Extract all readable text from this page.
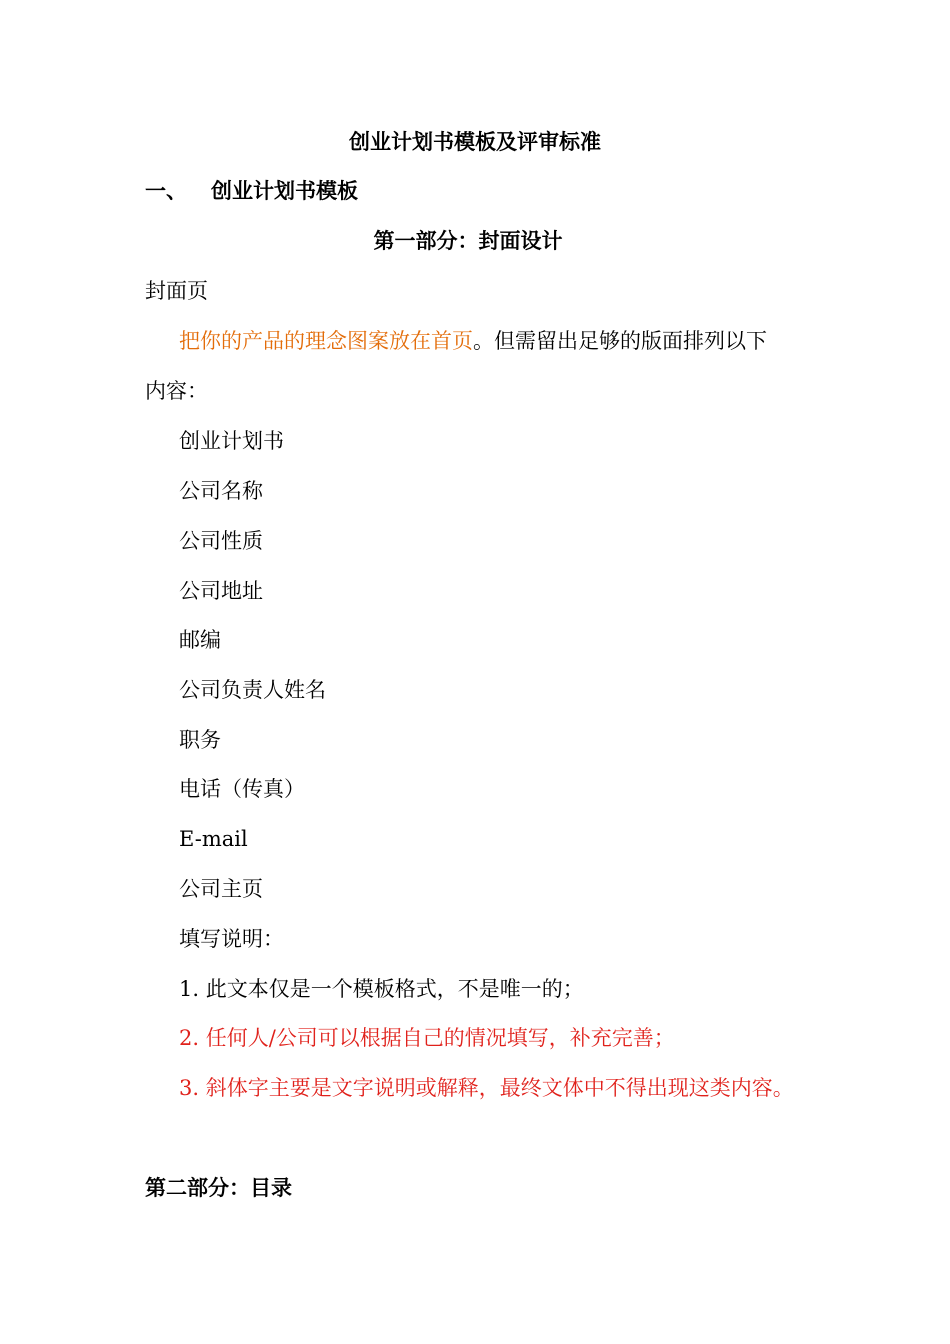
创业计划书模板及评审标准
一、 创业计划书模板
第一部分：封面设计
封面页
把你的产品的理念图案放在首页。但需留出足够的版面排列以下
内容：
创业计划书
公司名称
公司性质
公司地址
邮编
公司负责人姓名
职务
电话（传真）
E-mail
公司主页
填写说明：
1. 此文本仅是一个模板格式，不是唯一的；
2. 任何人/公司可以根据自己的情况填写，补充完善；
3. 斜体字主要是文字说明或解释，最终文体中不得出现这类内容。
第二部分：目录
